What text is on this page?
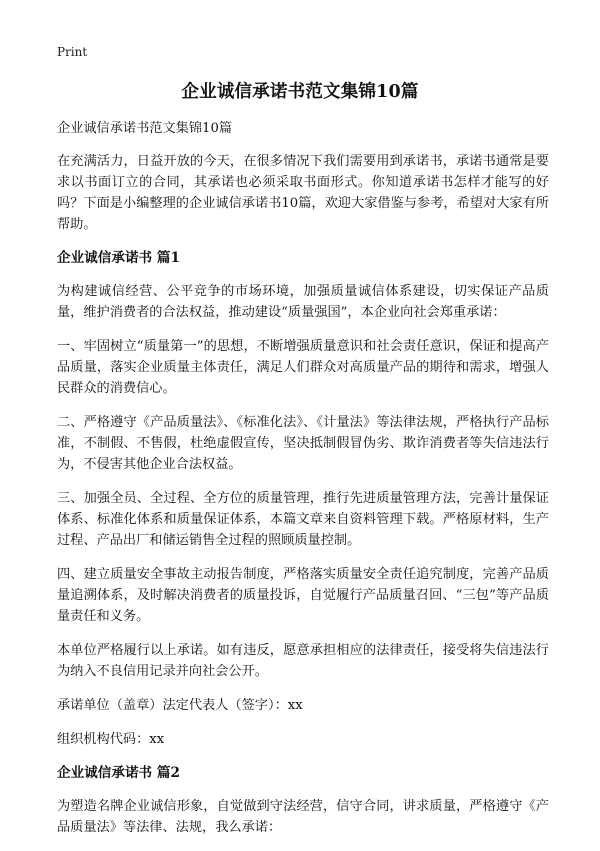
Print
企业诚信承诺书范文集锦10篇

企业诚信承诺书范文集锦10篇

在充满活力，日益开放的今天，在很多情况下我们需要用到承诺书，承诺书通常是要求以书面订立的合同，其承诺也必须采取书面形式。你知道承诺书怎样才能写的好吗？下面是小编整理的企业诚信承诺书10篇，欢迎大家借鉴与参考，希望对大家有所帮助。

企业诚信承诺书 篇1

为构建诚信经营、公平竞争的市场环境，加强质量诚信体系建设，切实保证产品质量，维护消费者的合法权益，推动建设“质量强国”，本企业向社会郑重承诺：

一、牢固树立“质量第一”的思想，不断增强质量意识和社会责任意识，保证和提高产品质量，落实企业质量主体责任，满足人们群众对高质量产品的期待和需求，增强人民群众的消费信心。

二、严格遵守《产品质量法》、《标准化法》、《计量法》等法律法规，严格执行产品标准，不制假、不售假，杜绝虚假宣传，坚决抵制假冒伪劣、欺诈消费者等失信违法行为，不侵害其他企业合法权益。

三、加强全员、全过程、全方位的质量管理，推行先进质量管理方法，完善计量保证体系、标准化体系和质量保证体系，本篇文章来自资料管理下载。严格原材料，生产过程、产品出厂和储运销售全过程的照顾质量控制。

四、建立质量安全事故主动报告制度，严格落实质量安全责任追究制度，完善产品质量追溯体系，及时解决消费者的质量投诉，自觉履行产品质量召回、“三包”等产品质量责任和义务。

本单位严格履行以上承诺。如有违反，愿意承担相应的法律责任，接受将失信违法行为纳入不良信用记录并向社会公开。

承诺单位（盖章）法定代表人（签字）：xx

组织机构代码：xx

企业诚信承诺书 篇2

为塑造名牌企业诚信形象，自觉做到守法经营，信守合同，讲求质量，严格遵守《产品质量法》等法律、法规，我么承诺：
